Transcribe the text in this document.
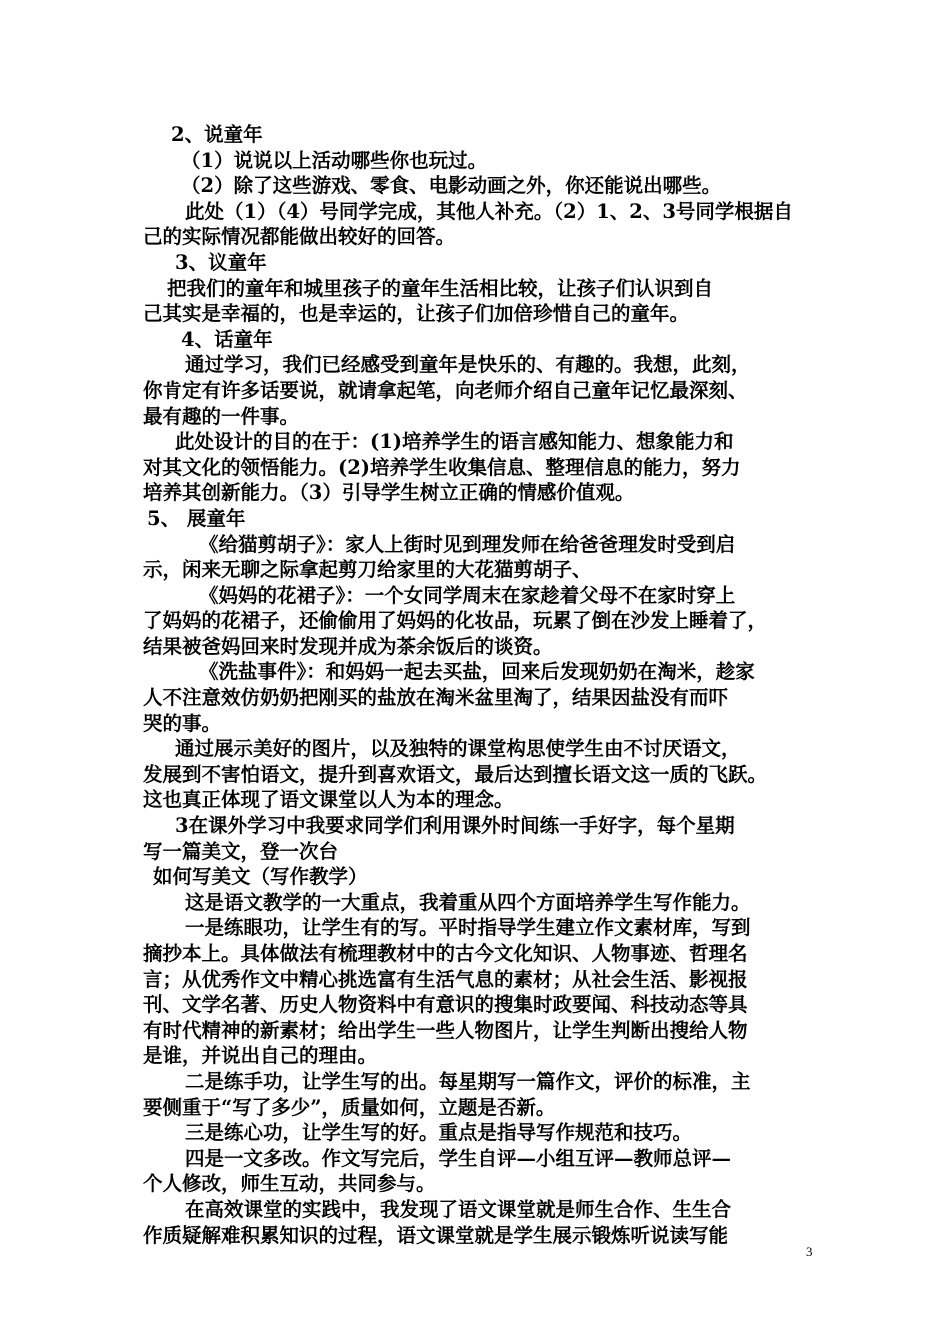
2、说童年
（1）说说以上活动哪些你也玩过。
（2）除了这些游戏、零食、电影动画之外，你还能说出哪些。
此处（1）（4）号同学完成，其他人补充。（2）1、2、3号同学根据自
己的实际情况都能做出较好的回答。
3、议童年
把我们的童年和城里孩子的童年生活相比较，让孩子们认识到自
己其实是幸福的，也是幸运的，让孩子们加倍珍惜自己的童年。
4、话童年
通过学习，我们已经感受到童年是快乐的、有趣的。我想，此刻，
你肯定有许多话要说，就请拿起笔，向老师介绍自己童年记忆最深刻、
最有趣的一件事。
此处设计的目的在于：(1)培养学生的语言感知能力、想象能力和
对其文化的领悟能力。(2)培养学生收集信息、整理信息的能力，努力
培养其创新能力。（3）引导学生树立正确的情感价值观。
5、 展童年
《给猫剪胡子》：家人上街时见到理发师在给爸爸理发时受到启
示，闲来无聊之际拿起剪刀给家里的大花猫剪胡子、
《妈妈的花裙子》：一个女同学周末在家趁着父母不在家时穿上
了妈妈的花裙子，还偷偷用了妈妈的化妆品，玩累了倒在沙发上睡着了，
结果被爸妈回来时发现并成为茶余饭后的谈资。
《洗盐事件》：和妈妈一起去买盐，回来后发现奶奶在淘米，趁家
人不注意效仿奶奶把刚买的盐放在淘米盆里淘了，结果因盐没有而吓
哭的事。
通过展示美好的图片，以及独特的课堂构思使学生由不讨厌语文，
发展到不害怕语文，提升到喜欢语文，最后达到擅长语文这一质的飞跃。
这也真正体现了语文课堂以人为本的理念。
3在课外学习中我要求同学们利用课外时间练一手好字，每个星期
写一篇美文，登一次台
如何写美文（写作教学）
这是语文教学的一大重点，我着重从四个方面培养学生写作能力。
一是练眼功，让学生有的写。平时指导学生建立作文素材库，写到
摘抄本上。具体做法有梳理教材中的古今文化知识、人物事迹、哲理名
言；从优秀作文中精心挑选富有生活气息的素材；从社会生活、影视报
刊、文学名著、历史人物资料中有意识的搜集时政要闻、科技动态等具
有时代精神的新素材；给出学生一些人物图片，让学生判断出搜给人物
是谁，并说出自己的理由。
二是练手功，让学生写的出。每星期写一篇作文，评价的标准，主
要侧重于“写了多少”，质量如何，立题是否新。
三是练心功，让学生写的好。重点是指导写作规范和技巧。
四是一文多改。作文写完后，学生自评—小组互评—教师总评—
个人修改，师生互动，共同参与。
在高效课堂的实践中，我发现了语文课堂就是师生合作、生生合
作质疑解难积累知识的过程，语文课堂就是学生展示锻炼听说读写能
3
